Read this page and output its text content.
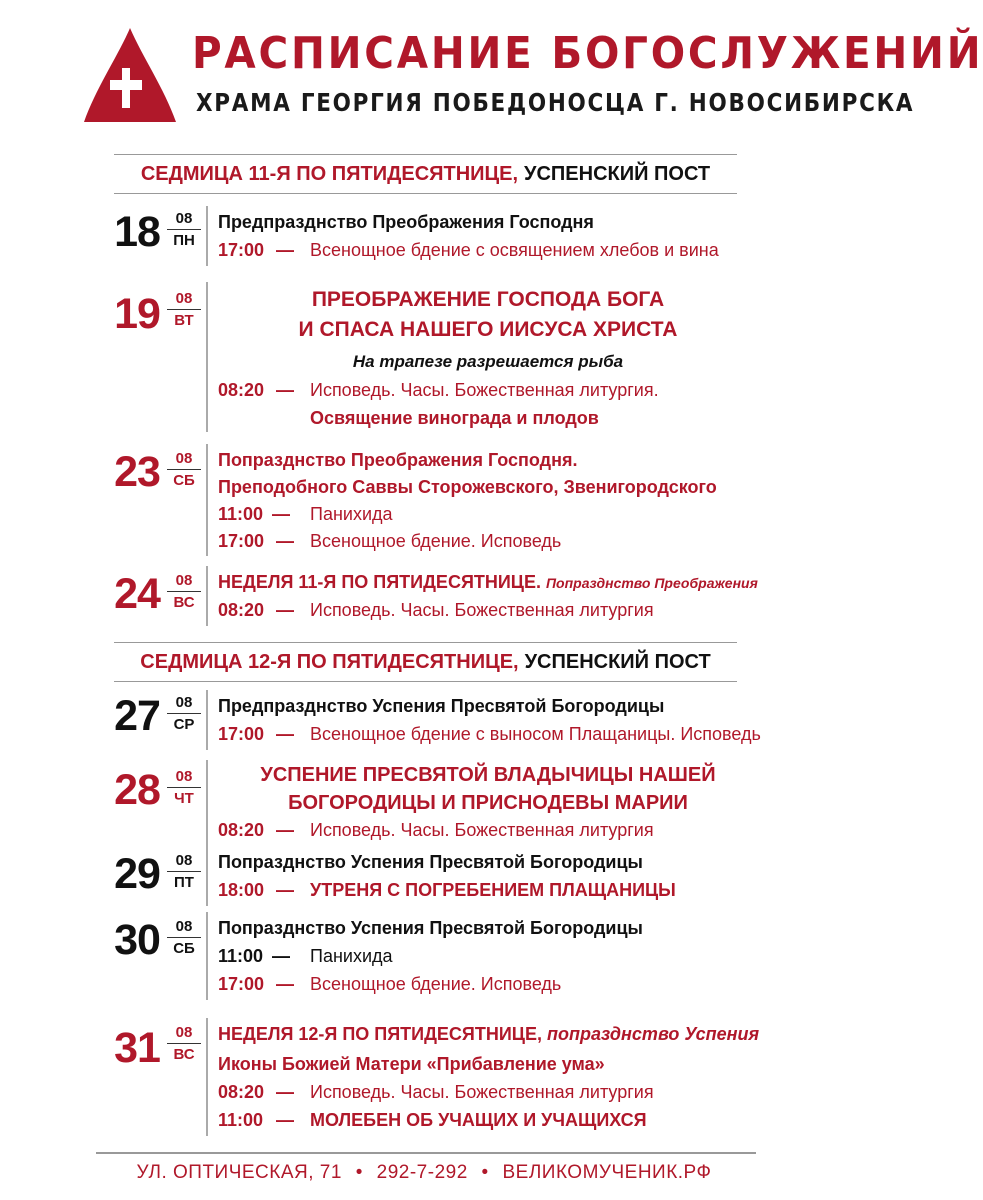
РАСПИСАНИЕ БОГОСЛУЖЕНИЙ
ХРАМА ГЕОРГИЯ ПОБЕДОНОСЦА Г. НОВОСИБИРСКА
СЕДМИЦА 11-Я ПО ПЯТИДЕСЯТНИЦЕ, УСПЕНСКИЙ ПОСТ
18	08
ПН
Предпразднство Преображения Господня
17:00 — Всенощное бдение с освящением хлебов и вина
19	08
ВТ
ПРЕОБРАЖЕНИЕ ГОСПОДА БОГА
И СПАСА НАШЕГО ИИСУСА ХРИСТА
На трапезе разрешается рыба
08:20 — Исповедь. Часы. Божественная литургия.
Освящение винограда и плодов
23	08
СБ
Попразднство Преображения Господня.
Преподобного Саввы Сторожевского, Звенигородского
11:00 — Панихида
17:00 — Всенощное бдение. Исповедь
24	08
ВС
НЕДЕЛЯ 11-Я ПО ПЯТИДЕСЯТНИЦЕ. Попразднство Преображения
08:20 — Исповедь. Часы. Божественная литургия
СЕДМИЦА 12-Я ПО ПЯТИДЕСЯТНИЦЕ, УСПЕНСКИЙ ПОСТ
27	08
СР
Предпразднство Успения Пресвятой Богородицы
17:00 — Всенощное бдение с выносом Плащаницы. Исповедь
28	08
ЧТ
УСПЕНИЕ ПРЕСВЯТОЙ ВЛАДЫЧИЦЫ НАШЕЙ
БОГОРОДИЦЫ И ПРИСНОДЕВЫ МАРИИ
08:20 — Исповедь. Часы. Божественная литургия
29	08
ПТ
Попразднство Успения Пресвятой Богородицы
18:00 — УТРЕНЯ С ПОГРЕБЕНИЕМ ПЛАЩАНИЦЫ
30	08
СБ
Попразднство Успения Пресвятой Богородицы
11:00 — Панихида
17:00 — Всенощное бдение. Исповедь
31	08
ВС
НЕДЕЛЯ 12-Я ПО ПЯТИДЕСЯТНИЦЕ, попразднство Успения
Иконы Божией Матери «Прибавление ума»
08:20 — Исповедь. Часы. Божественная литургия
11:00 — МОЛЕБЕН ОБ УЧАЩИХ И УЧАЩИХСЯ
УЛ. ОПТИЧЕСКАЯ, 71 • 292-7-292 • ВЕЛИКОМУЧЕНИК.РФ
